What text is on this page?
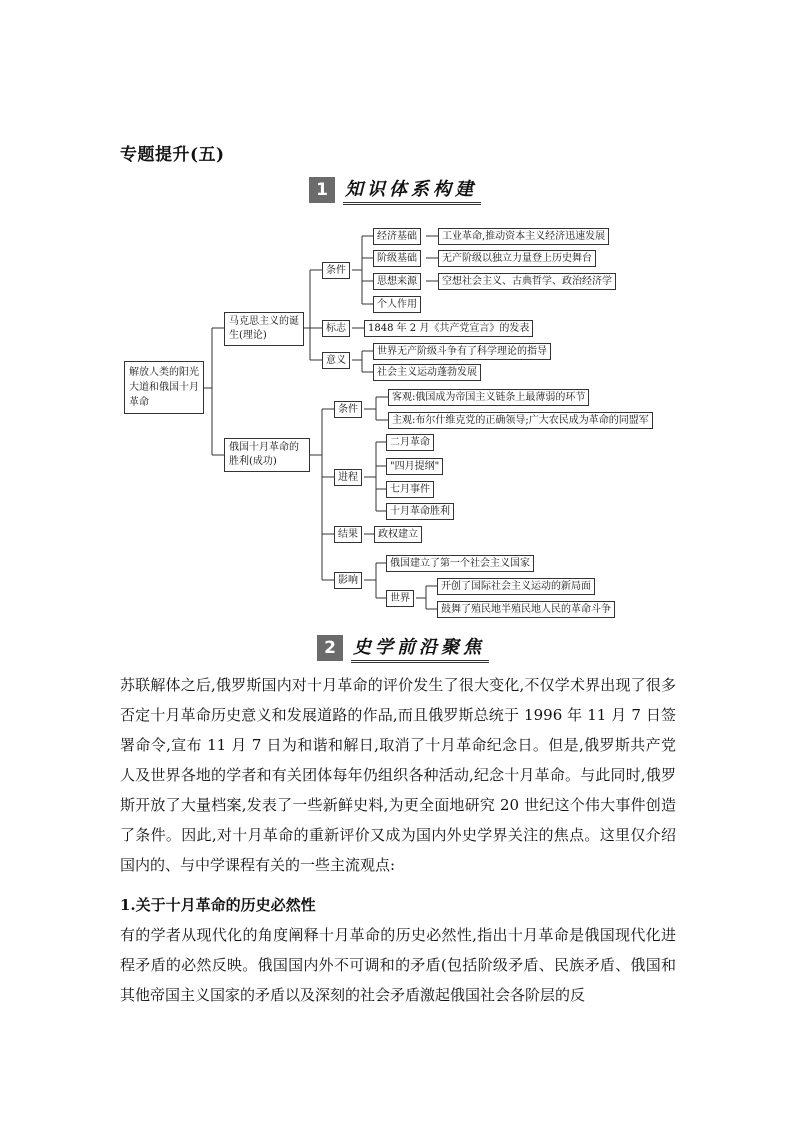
专题提升(五)
1 知识体系构建
解放人类的阳光大道和俄国十月革命
马克思主义的诞生(理论)
俄国十月革命的胜利(成功)
条件
标志
意义
经济基础	工业革命,推动资本主义经济迅速发展
阶级基础	无产阶级以独立力量登上历史舞台
思想来源	空想社会主义、古典哲学、政治经济学
个人作用
1848 年 2 月《共产党宣言》的发表
世界无产阶级斗争有了科学理论的指导
社会主义运动蓬勃发展
条件
客观:俄国成为帝国主义链条上最薄弱的环节
主观:布尔什维克党的正确领导;广大农民成为革命的同盟军
进程
二月革命
"四月提纲"
七月事件
十月革命胜利
结果	政权建立
影响
俄国建立了第一个社会主义国家
世界
开创了国际社会主义运动的新局面
鼓舞了殖民地半殖民地人民的革命斗争
2 史学前沿聚焦
苏联解体之后,俄罗斯国内对十月革命的评价发生了很大变化,不仅学术界出现了很多否定十月革命历史意义和发展道路的作品,而且俄罗斯总统于 1996 年 11 月 7 日签署命令,宣布 11 月 7 日为和谐和解日,取消了十月革命纪念日。但是,俄罗斯共产党人及世界各地的学者和有关团体每年仍组织各种活动,纪念十月革命。与此同时,俄罗斯开放了大量档案,发表了一些新鲜史料,为更全面地研究 20 世纪这个伟大事件创造了条件。因此,对十月革命的重新评价又成为国内外史学界关注的焦点。这里仅介绍国内的、与中学课程有关的一些主流观点:
1.关于十月革命的历史必然性
有的学者从现代化的角度阐释十月革命的历史必然性,指出十月革命是俄国现代化进程矛盾的必然反映。俄国国内外不可调和的矛盾(包括阶级矛盾、民族矛盾、俄国和其他帝国主义国家的矛盾以及深刻的社会矛盾激起俄国社会各阶层的反
